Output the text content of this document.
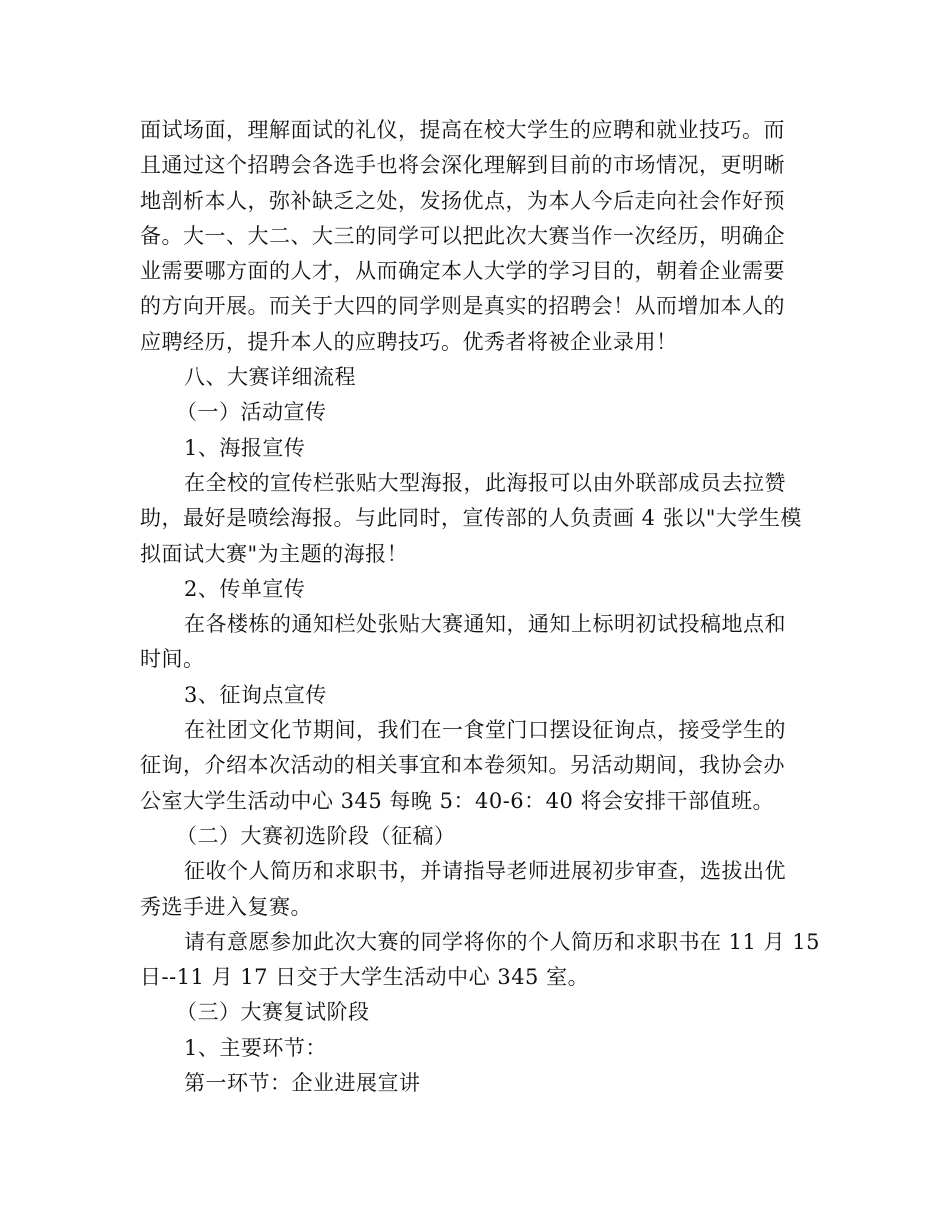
面试场面，理解面试的礼仪，提高在校大学生的应聘和就业技巧。而
且通过这个招聘会各选手也将会深化理解到目前的市场情况，更明晰
地剖析本人，弥补缺乏之处，发扬优点，为本人今后走向社会作好预
备。大一、大二、大三的同学可以把此次大赛当作一次经历，明确企
业需要哪方面的人才，从而确定本人大学的学习目的，朝着企业需要
的方向开展。而关于大四的同学则是真实的招聘会！从而增加本人的
应聘经历，提升本人的应聘技巧。优秀者将被企业录用！
八、大赛详细流程
（一）活动宣传
1、海报宣传
在全校的宣传栏张贴大型海报，此海报可以由外联部成员去拉赞
助，最好是喷绘海报。与此同时，宣传部的人负责画 4 张以"大学生模
拟面试大赛"为主题的海报！
2、传单宣传
在各楼栋的通知栏处张贴大赛通知，通知上标明初试投稿地点和
时间。
3、征询点宣传
在社团文化节期间，我们在一食堂门口摆设征询点，接受学生的
征询，介绍本次活动的相关事宜和本卷须知。另活动期间，我协会办
公室大学生活动中心 345 每晚 5：40-6：40 将会安排干部值班。
（二）大赛初选阶段（征稿）
征收个人简历和求职书，并请指导老师进展初步审查，选拔出优
秀选手进入复赛。
请有意愿参加此次大赛的同学将你的个人简历和求职书在 11 月 15
日--11 月 17 日交于大学生活动中心 345 室。
（三）大赛复试阶段
1、主要环节：
第一环节：企业进展宣讲
